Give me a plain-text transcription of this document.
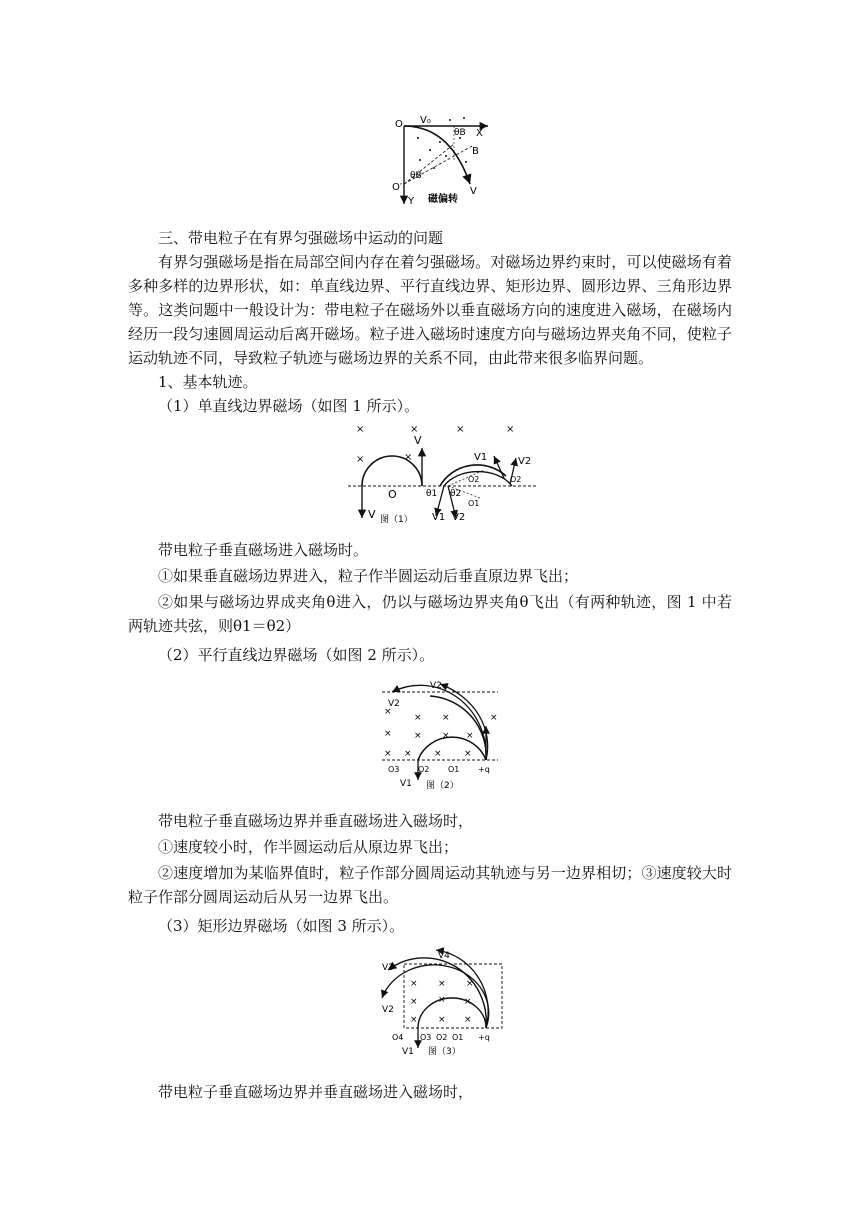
O
O′
V₀
θB X
B
θB
V
Y 磁偏转

三、带电粒子在有界匀强磁场中运动的问题

有界匀强磁场是指在局部空间内存在着匀强磁场。对磁场边界约束时，可以使磁场有着多种多样的边界形状，如：单直线边界、平行直线边界、矩形边界、圆形边界、三角形边界等。这类问题中一般设计为：带电粒子在磁场外以垂直磁场方向的速度进入磁场，在磁场内经历一段匀速圆周运动后离开磁场。粒子进入磁场时速度方向与磁场边界夹角不同，使粒子运动轨迹不同，导致粒子轨迹与磁场边界的关系不同，由此带来很多临界问题。

1、基本轨迹。

（1）单直线边界磁场（如图 1 所示）。

×	×	×	×
×	×
O
V
V
V1	V2
θ1 θ2
O2
O1
V1 V2
O2
图（1）

带电粒子垂直磁场进入磁场时。

①如果垂直磁场边界进入，粒子作半圆运动后垂直原边界飞出；

②如果与磁场边界成夹角θ进入，仍以与磁场边界夹角θ飞出（有两种轨迹，图 1 中若两轨迹共弦，则θ1＝θ2）

（2）平行直线边界磁场（如图 2 所示）。

×
× ×	×
× × × ×
× × × ×
V2
V2
O3 O2 O1 +q
V1 图（2）

带电粒子垂直磁场边界并垂直磁场进入磁场时，

①速度较小时，作半圆运动后从原边界飞出；

②速度增加为某临界值时，粒子作部分圆周运动其轨迹与另一边界相切；③速度较大时粒子作部分圆周运动后从另一边界飞出。

（3）矩形边界磁场（如图 3 所示）。

× × ×
× × ×
× × ×
V4
V3
V2
O4 O3 O2 O1 +q
V1 图（3）

带电粒子垂直磁场边界并垂直磁场进入磁场时，
